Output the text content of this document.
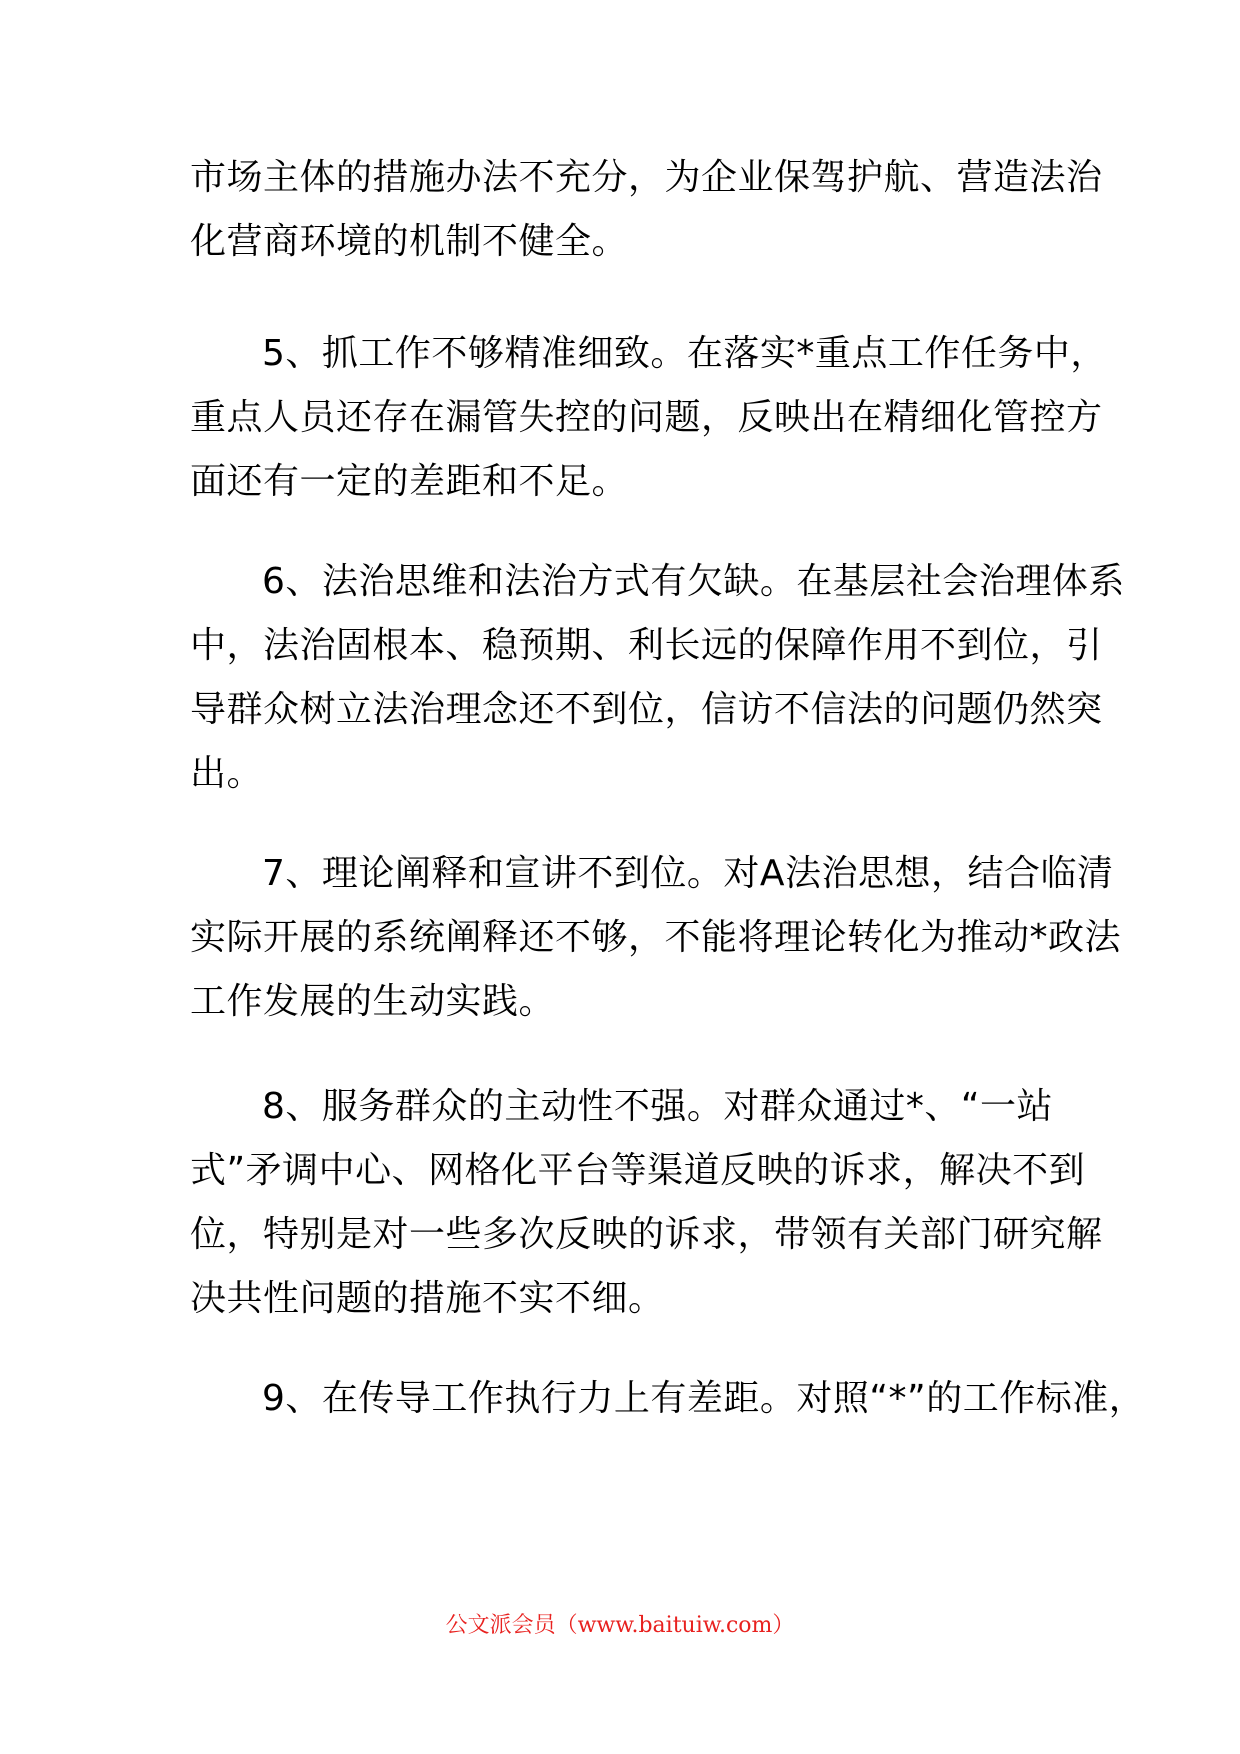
市场主体的措施办法不充分，为企业保驾护航、营造法治
化营商环境的机制不健全。
5、抓工作不够精准细致。在落实*重点工作任务中，
重点人员还存在漏管失控的问题，反映出在精细化管控方
面还有一定的差距和不足。
6、法治思维和法治方式有欠缺。在基层社会治理体系
中，法治固根本、稳预期、利长远的保障作用不到位，引
导群众树立法治理念还不到位，信访不信法的问题仍然突
出。
7、理论阐释和宣讲不到位。对A法治思想，结合临清
实际开展的系统阐释还不够，不能将理论转化为推动*政法
工作发展的生动实践。
8、服务群众的主动性不强。对群众通过*、“一站
式”矛调中心、网格化平台等渠道反映的诉求，解决不到
位，特别是对一些多次反映的诉求，带领有关部门研究解
决共性问题的措施不实不细。
9、在传导工作执行力上有差距。对照“*”的工作标准，
公文派会员（www.baituiw.com）
